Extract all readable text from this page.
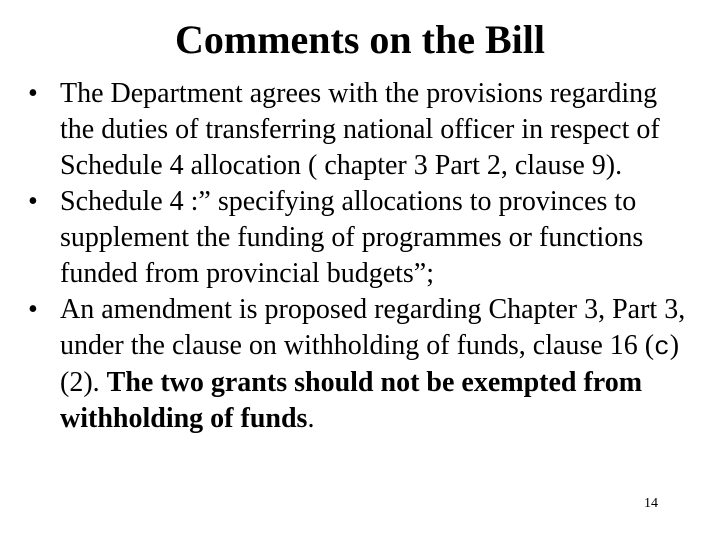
Comments on the Bill
• The Department agrees with the provisions regarding the duties of transferring national officer in respect of Schedule 4 allocation ( chapter 3 Part 2, clause 9).
• Schedule 4 :” specifying allocations to provinces to supplement the funding of programmes or functions funded from provincial budgets”;
• An amendment is proposed regarding Chapter 3, Part 3, under the clause on withholding of funds, clause 16 (c) (2). The two grants should not be exempted from withholding of funds.
14
